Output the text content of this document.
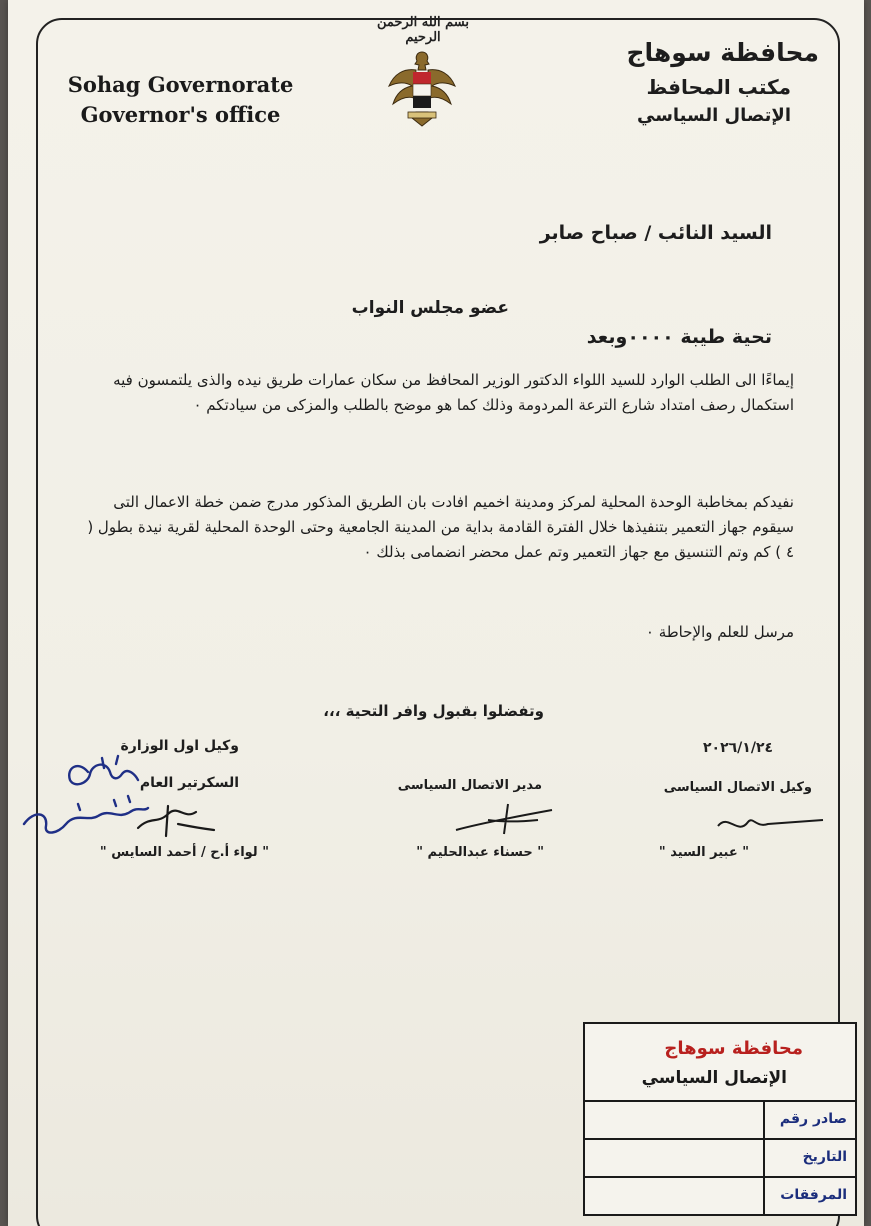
Sohag Governorate
Governor's office
بسم الله الرحمن الرحيم
محافظة سوهاج
مكتب المحافظ
الإتصال السياسي
السيد النائب / صباح صابر
عضو مجلس النواب
تحية طيبة ٠٠٠٠وبعد
إيماءًا الى الطلب الوارد للسيد اللواء الدكتور الوزير المحافظ من سكان عمارات طريق نيده والذى يلتمسون فيه استكمال رصف امتداد شارع الترعة المردومة وذلك كما هو موضح بالطلب والمزكى من سيادتكم ٠
نفيدكم بمخاطبة الوحدة المحلية لمركز ومدينة اخميم افادت بان الطريق المذكور مدرج ضمن خطة الاعمال التى سيقوم جهاز التعمير بتنفيذها خلال الفترة القادمة بداية من المدينة الجامعية وحتى الوحدة المحلية لقرية نيدة بطول ( ٤ ) كم وتم التنسيق مع جهاز التعمير وتم عمل محضر انضمامى بذلك ٠
مرسل للعلم والإحاطة ٠
وتفضلوا بقبول وافر التحية ،،،
٢٠٢٦/١/٢٤
وكيل الاتصال السياسى
" عبير السيد "
مدير الاتصال السياسى
" حسناء عبدالحليم "
وكيل اول الوزارة
السكرتير العام
" لواء أ.ح / أحمد السايس "
محافظة سوهاج
الإتصال السياسي
صادر رقم
التاريخ
المرفقات
